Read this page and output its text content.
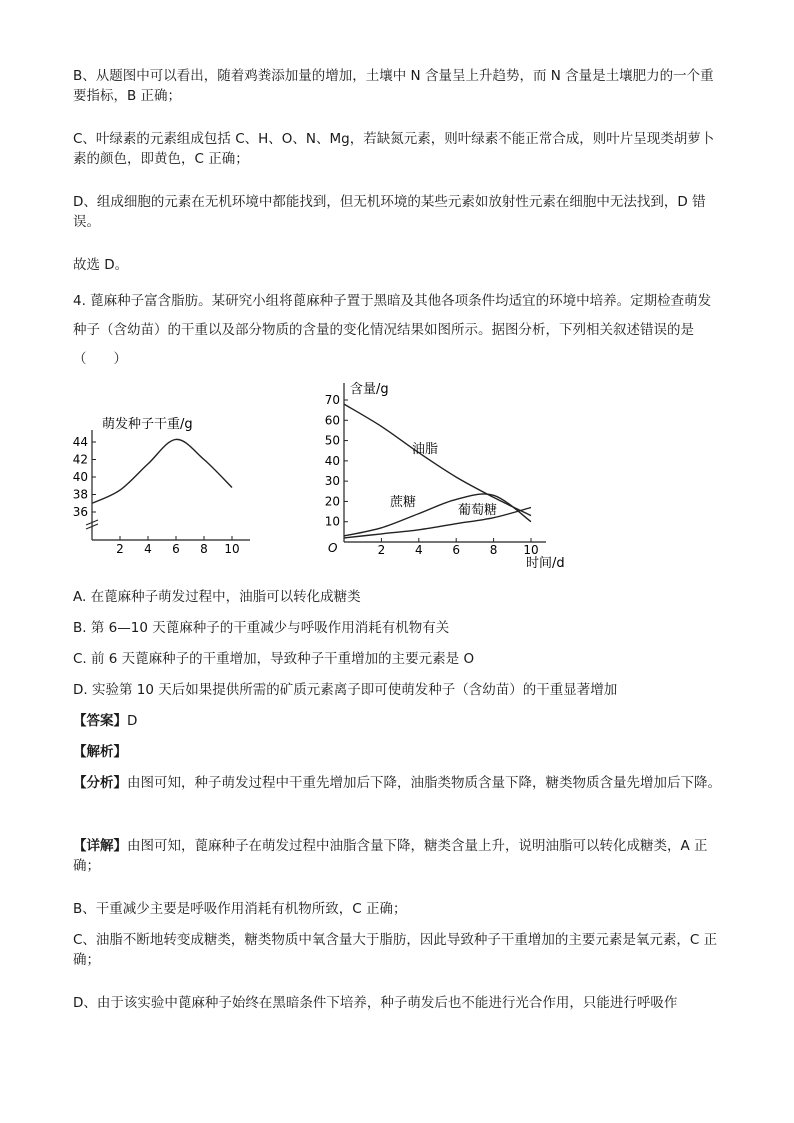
B、从题图中可以看出，随着鸡粪添加量的增加，土壤中 N 含量呈上升趋势，而 N 含量是土壤肥力的一个重要指标，B 正确；

C、叶绿素的元素组成包括 C、H、O、N、Mg，若缺氮元素，则叶绿素不能正常合成，则叶片呈现类胡萝卜素的颜色，即黄色，C 正确；

D、组成细胞的元素在无机环境中都能找到，但无机环境的某些元素如放射性元素在细胞中无法找到，D 错误。

故选 D。

4. 蓖麻种子富含脂肪。某研究小组将蓖麻种子置于黑暗及其他各项条件均适宜的环境中培养。定期检查萌发种子（含幼苗）的干重以及部分物质的含量的变化情况结果如图所示。据图分析，下列相关叙述错误的是（　　）

萌发种子干重/g
44
42
40
38
36
2 4 6 8 10
含量/g
O
时间/d
70
60
50
40
30
20
10
2 4 6 8 10
油脂
蔗糖
葡萄糖
A. 在蓖麻种子萌发过程中，油脂可以转化成糖类
B. 第 6—10 天蓖麻种子的干重减少与呼吸作用消耗有机物有关
C. 前 6 天蓖麻种子的干重增加，导致种子干重增加的主要元素是 O
D. 实验第 10 天后如果提供所需的矿质元素离子即可使萌发种子（含幼苗）的干重显著增加
【答案】D
【解析】

【分析】由图可知，种子萌发过程中干重先增加后下降，油脂类物质含量下降，糖类物质含量先增加后下降。

【详解】由图可知，蓖麻种子在萌发过程中油脂含量下降，糖类含量上升，说明油脂可以转化成糖类，A 正确；

B、干重减少主要是呼吸作用消耗有机物所致，C 正确；

C、油脂不断地转变成糖类，糖类物质中氧含量大于脂肪，因此导致种子干重增加的主要元素是氧元素，C 正确；

D、由于该实验中蓖麻种子始终在黑暗条件下培养，种子萌发后也不能进行光合作用，只能进行呼吸作
